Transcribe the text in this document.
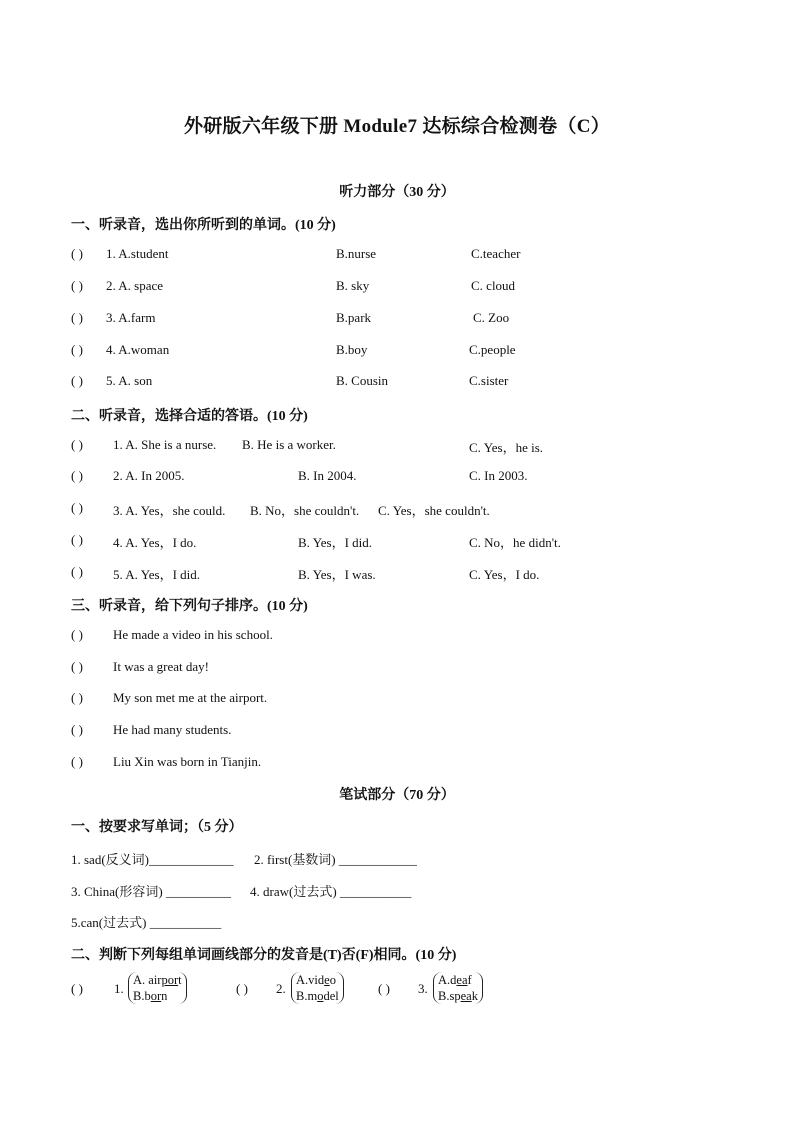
外研版六年级下册 Module7 达标综合检测卷（C）
听力部分（30 分）
一、听录音，选出你所听到的单词。(10 分)
( ) 1. A.student	B.nurse	C.teacher
( ) 2. A. space	B. sky	C. cloud
( ) 3. A.farm	B.park	C. Zoo
( ) 4. A.woman	B.boy	C.people
( ) 5. A. son	B. Cousin	C.sister
二、听录音，选择合适的答语。(10 分)
( ) 1. A. She is a nurse. B. He is a worker.	C. Yes，he is.
( ) 2. A. In 2005.	B. In 2004.	C. In 2003.
( ) 3. A. Yes，she could. B. No，she couldn't. C. Yes，she couldn't.
( ) 4. A. Yes，I do.	B. Yes，I did.	C. No，he didn't.
( ) 5. A. Yes，I did.	B. Yes，I was.	C. Yes，I do.
三、听录音，给下列句子排序。(10 分)
( ) He made a video in his school.
( ) It was a great day!
( ) My son met me at the airport.
( ) He had many students.
( ) Liu Xin was born in Tianjin.
笔试部分（70 分）
一、按要求写单词；（5 分）
1. sad(反义词)_____________ 2. first(基数词) ____________
3. China(形容词) __________ 4. draw(过去式) ___________
5.can(过去式) ___________
二、判断下列每组单词画线部分的发音是(T)否(F)相同。(10 分)
( ) 1.
A. airport
B.born	( ) 2.
A.video
B.model	( ) 3.
A.deaf
B.speak
